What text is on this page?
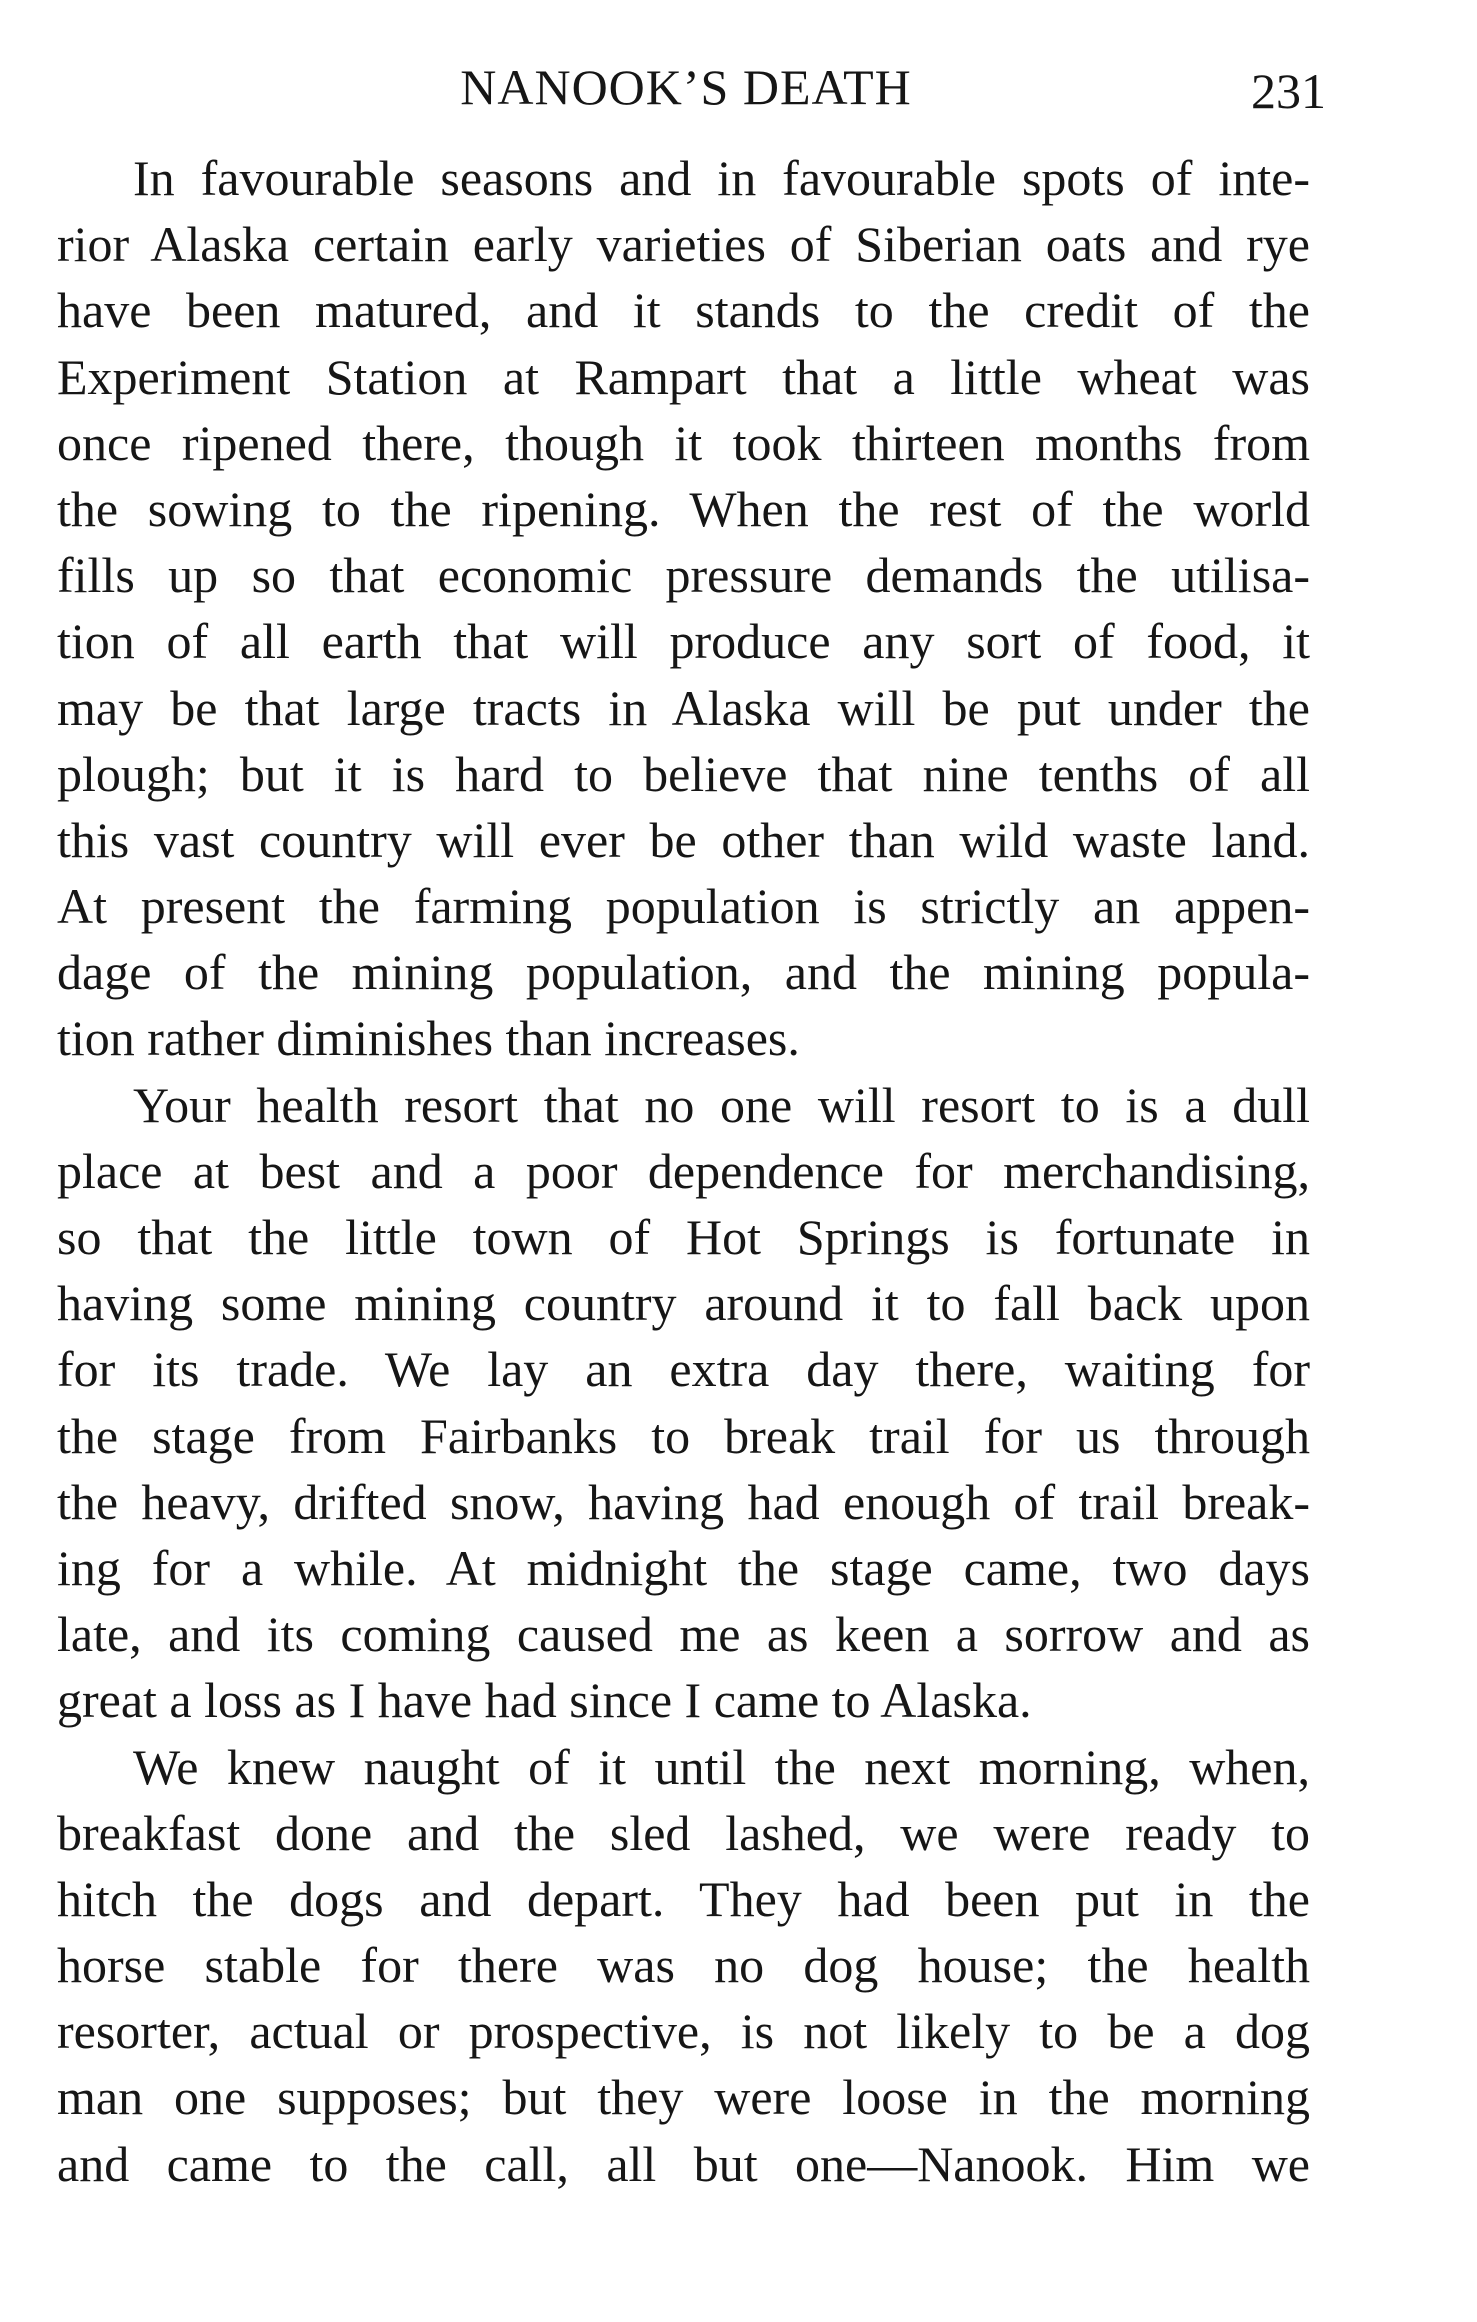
NANOOK’S DEATH	231
In favourable seasons and in favourable spots of inte-
rior Alaska certain early varieties of Siberian oats and rye
have been matured, and it stands to the credit of the
Experiment Station at Rampart that a little wheat was
once ripened there, though it took thirteen months from
the sowing to the ripening. When the rest of the world
fills up so that economic pressure demands the utilisa-
tion of all earth that will produce any sort of food, it
may be that large tracts in Alaska will be put under the
plough; but it is hard to believe that nine tenths of all
this vast country will ever be other than wild waste land.
At present the farming population is strictly an appen-
dage of the mining population, and the mining popula-
tion rather diminishes than increases.
Your health resort that no one will resort to is a dull
place at best and a poor dependence for merchandising,
so that the little town of Hot Springs is fortunate in
having some mining country around it to fall back upon
for its trade. We lay an extra day there, waiting for
the stage from Fairbanks to break trail for us through
the heavy, drifted snow, having had enough of trail break-
ing for a while. At midnight the stage came, two days
late, and its coming caused me as keen a sorrow and as
great a loss as I have had since I came to Alaska.
We knew naught of it until the next morning, when,
breakfast done and the sled lashed, we were ready to
hitch the dogs and depart. They had been put in the
horse stable for there was no dog house; the health
resorter, actual or prospective, is not likely to be a dog
man one supposes; but they were loose in the morning
and came to the call, all but one—Nanook. Him we
